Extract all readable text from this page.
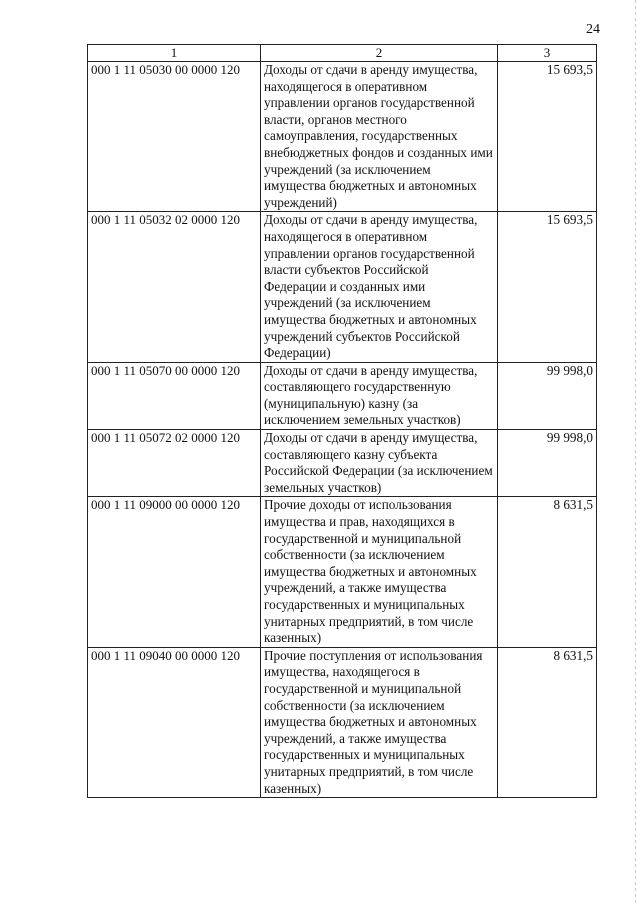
24
1	2	3
000 1 11 05030 00 0000 120	Доходы от сдачи в аренду имущества, находящегося в оперативном управлении органов государственной власти, органов местного самоуправления, государственных внебюджетных фондов и созданных ими учреждений (за исключением имущества бюджетных и автономных учреждений)	15 693,5
000 1 11 05032 02 0000 120	Доходы от сдачи в аренду имущества, находящегося в оперативном управлении органов государственной власти субъектов Российской Федерации и созданных ими учреждений (за исключением имущества бюджетных и автономных учреждений субъектов Российской Федерации)	15 693,5
000 1 11 05070 00 0000 120	Доходы от сдачи в аренду имущества, составляющего государственную (муниципальную) казну (за исключением земельных участков)	99 998,0
000 1 11 05072 02 0000 120	Доходы от сдачи в аренду имущества, составляющего казну субъекта Российской Федерации (за исключением земельных участков)	99 998,0
000 1 11 09000 00 0000 120	Прочие доходы от использования имущества и прав, находящихся в государственной и муниципальной собственности (за исключением имущества бюджетных и автономных учреждений, а также имущества государственных и муниципальных унитарных предприятий, в том числе казенных)	8 631,5
000 1 11 09040 00 0000 120	Прочие поступления от использования имущества, находящегося в государственной и муниципальной собственности (за исключением имущества бюджетных и автономных учреждений, а также имущества государственных и муниципальных унитарных предприятий, в том числе казенных)	8 631,5
